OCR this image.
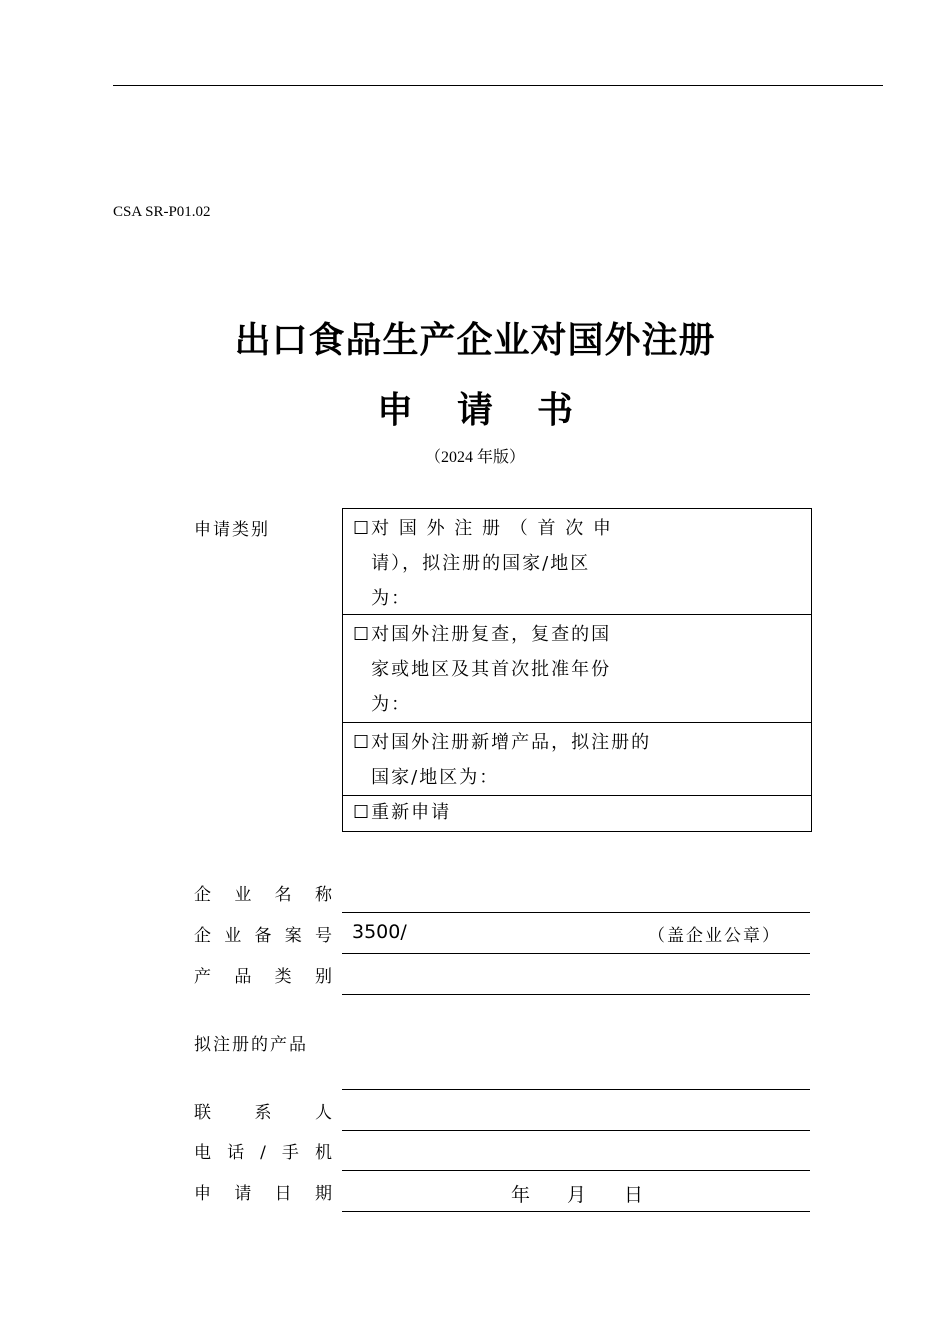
CSA SR-P01.02
出口食品生产企业对国外注册
申 请 书
（2024 年版）
申请类别	☐ 对 国 外 注 册 （ 首 次 申 请），拟注册的国家/地区为：
☐ 对国外注册复查，复查的国家或地区及其首次批准年份为：
☐ 对国外注册新增产品，拟注册的国家/地区为：
☐ 重新申请
企业名称
企业备案号 3500/	（盖企业公章）
产品类别
拟注册的产品
联系人
电话/手机
申请日期	年 月 日
